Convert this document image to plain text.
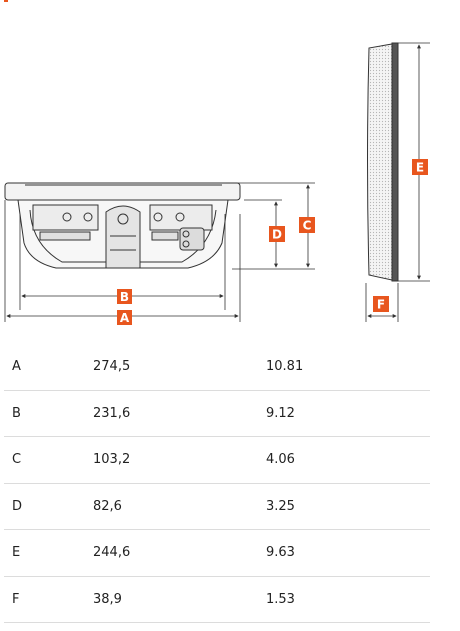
A
B
C
D
E
F
A	274,5	10.81
B	231,6	9.12
C	103,2	4.06
D	82,6	3.25
E	244,6	9.63
F	38,9	1.53
